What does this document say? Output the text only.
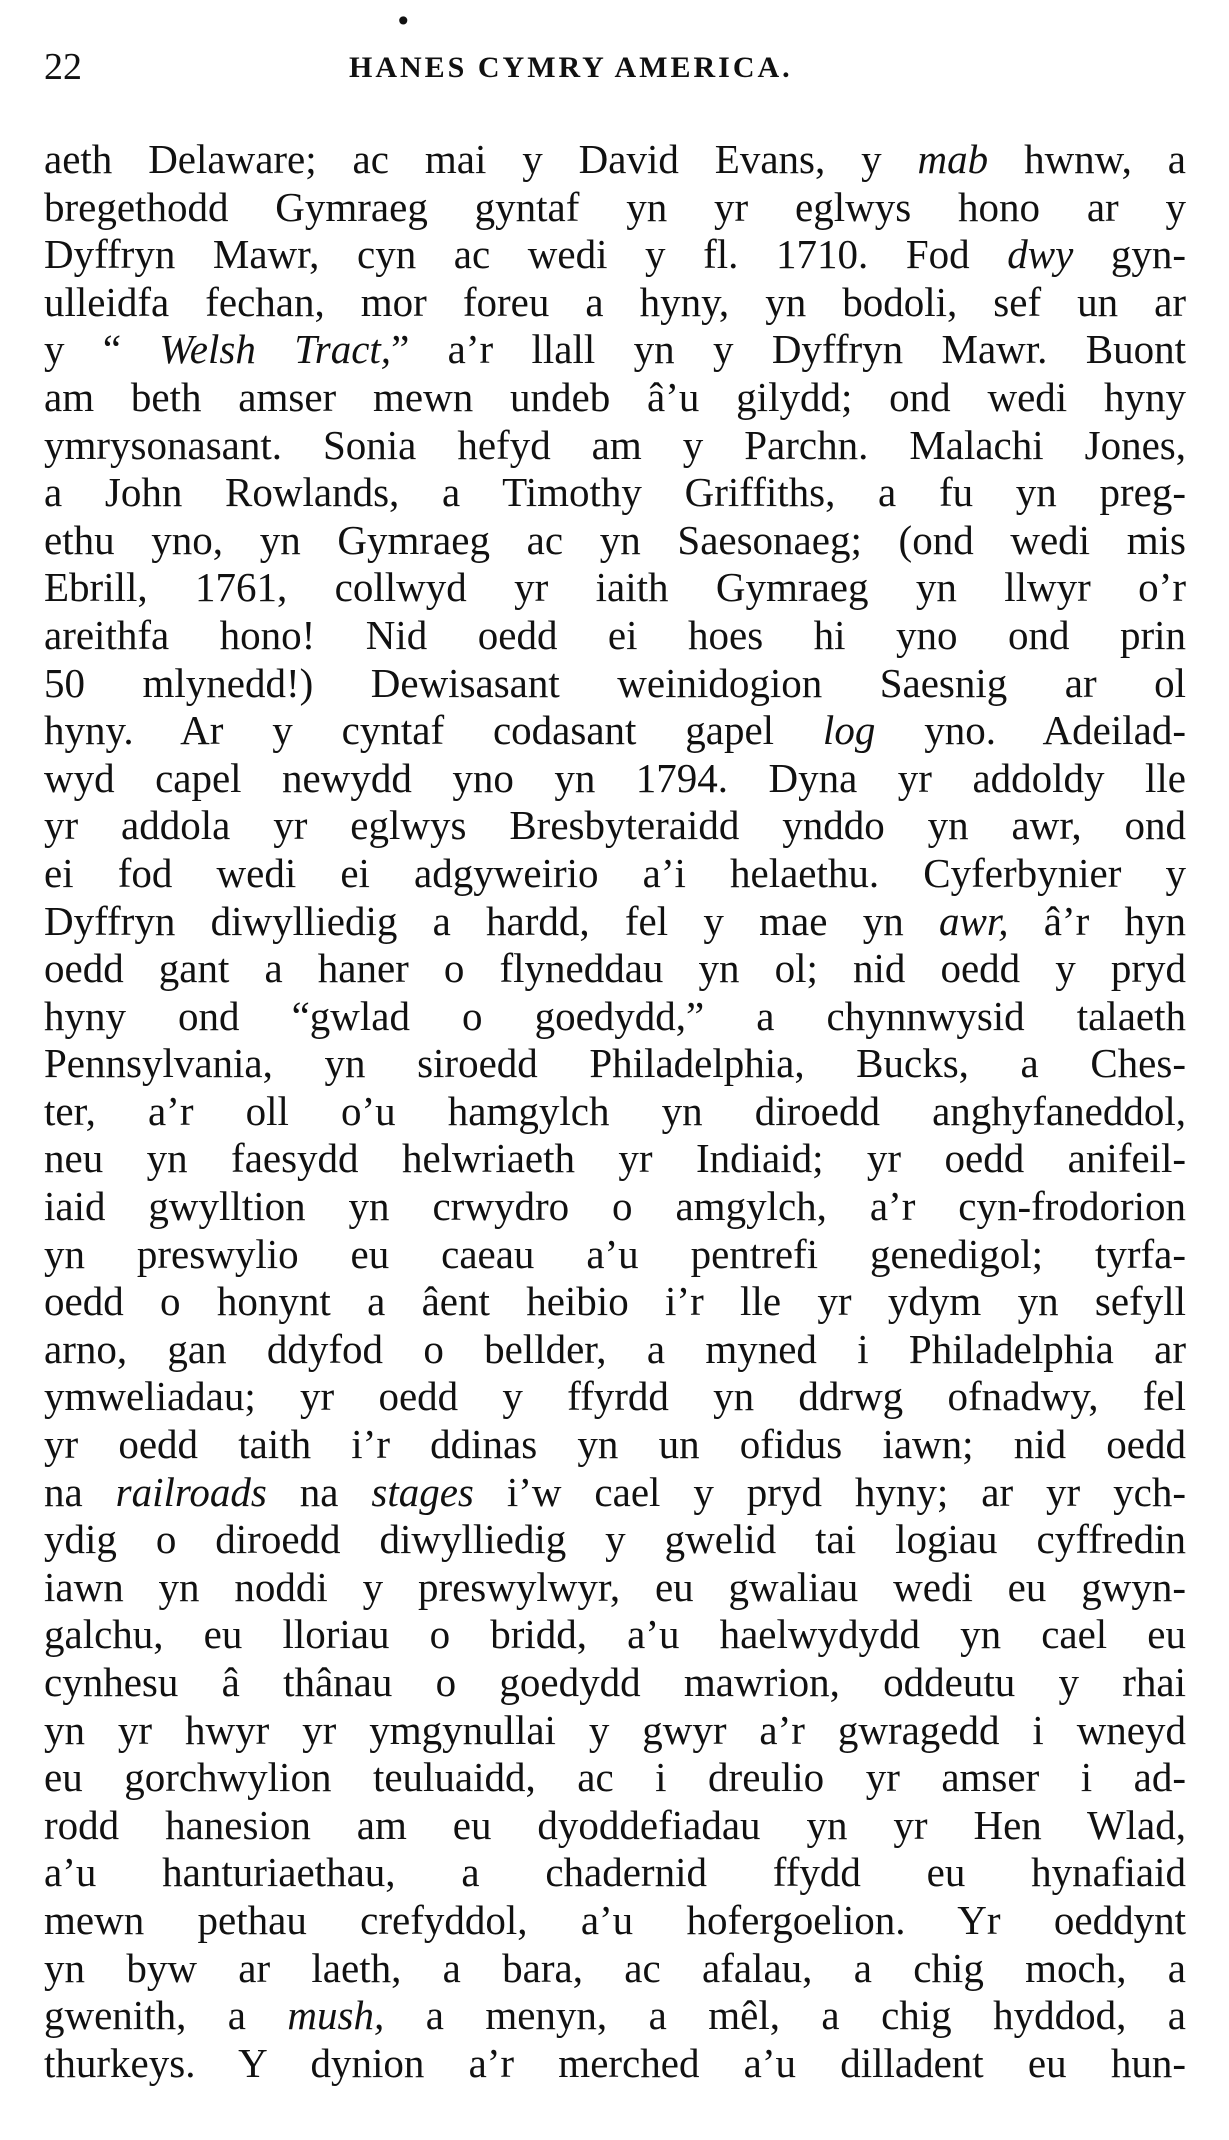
•
22	HANES CYMRY AMERICA.
aeth Delaware; ac mai y David Evans, y mab hwnw, a
bregethodd Gymraeg gyntaf yn yr eglwys hono ar y
Dyffryn Mawr, cyn ac wedi y fl. 1710. Fod dwy gyn-
ulleidfa fechan, mor foreu a hyny, yn bodoli, sef un ar
y “ Welsh Tract,” a’r llall yn y Dyffryn Mawr. Buont
am beth amser mewn undeb â’u gilydd; ond wedi hyny
ymrysonasant. Sonia hefyd am y Parchn. Malachi Jones,
a John Rowlands, a Timothy Griffiths, a fu yn preg-
ethu yno, yn Gymraeg ac yn Saesonaeg; (ond wedi mis
Ebrill, 1761, collwyd yr iaith Gymraeg yn llwyr o’r
areithfa hono! Nid oedd ei hoes hi yno ond prin
50 mlynedd!) Dewisasant weinidogion Saesnig ar ol
hyny. Ar y cyntaf codasant gapel log yno. Adeilad-
wyd capel newydd yno yn 1794. Dyna yr addoldy lle
yr addola yr eglwys Bresbyteraidd ynddo yn awr, ond
ei fod wedi ei adgyweirio a’i helaethu. Cyferbynier y
Dyffryn diwylliedig a hardd, fel y mae yn awr, â’r hyn
oedd gant a haner o flyneddau yn ol; nid oedd y pryd
hyny ond “gwlad o goedydd,” a chynnwysid talaeth
Pennsylvania, yn siroedd Philadelphia, Bucks, a Ches-
ter, a’r oll o’u hamgylch yn diroedd anghyfaneddol,
neu yn faesydd helwriaeth yr Indiaid; yr oedd anifeil-
iaid gwylltion yn crwydro o amgylch, a’r cyn-frodorion
yn preswylio eu caeau a’u pentrefi genedigol; tyrfa-
oedd o honynt a âent heibio i’r lle yr ydym yn sefyll
arno, gan ddyfod o bellder, a myned i Philadelphia ar
ymweliadau; yr oedd y ffyrdd yn ddrwg ofnadwy, fel
yr oedd taith i’r ddinas yn un ofidus iawn; nid oedd
na railroads na stages i’w cael y pryd hyny; ar yr ych-
ydig o diroedd diwylliedig y gwelid tai logiau cyffredin
iawn yn noddi y preswylwyr, eu gwaliau wedi eu gwyn-
galchu, eu lloriau o bridd, a’u haelwydydd yn cael eu
cynhesu â thânau o goedydd mawrion, oddeutu y rhai
yn yr hwyr yr ymgynullai y gwyr a’r gwragedd i wneyd
eu gorchwylion teuluaidd, ac i dreulio yr amser i ad-
rodd hanesion am eu dyoddefiadau yn yr Hen Wlad,
a’u hanturiaethau, a chadernid ffydd eu hynafiaid
mewn pethau crefyddol, a’u hofergoelion. Yr oeddynt
yn byw ar laeth, a bara, ac afalau, a chig moch, a
gwenith, a mush, a menyn, a mêl, a chig hyddod, a
thurkeys. Y dynion a’r merched a’u dilladent eu hun-
